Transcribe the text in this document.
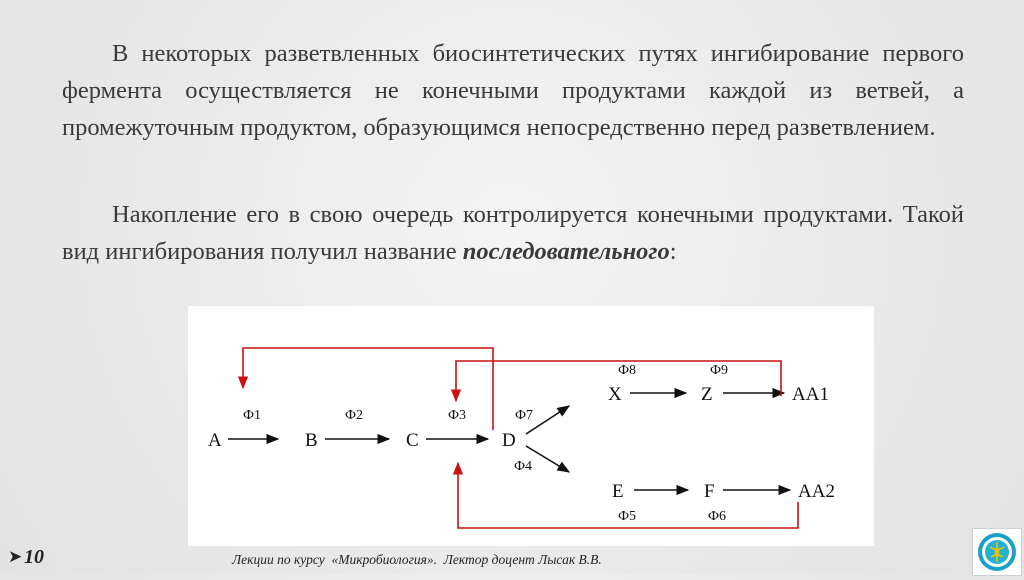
В некоторых разветвленных биосинтетических путях ингибирование первого фермента осуществляется не конечными продуктами каждой из ветвей, а промежуточным продуктом, образующимся непосредственно перед разветвлением.

Накопление его в свою очередь контролируется конечными продуктами. Такой вид ингибирования получил название последовательного:

A	B	C	D
X	Z	AA1
E	F	AA2
Ф1	Ф2	Ф3	Ф7
Ф4
Ф8	Ф9
Ф5	Ф6
➤ 10	Лекции по курсу  «Микробиология».  Лектор доцент Лысак В.В.
